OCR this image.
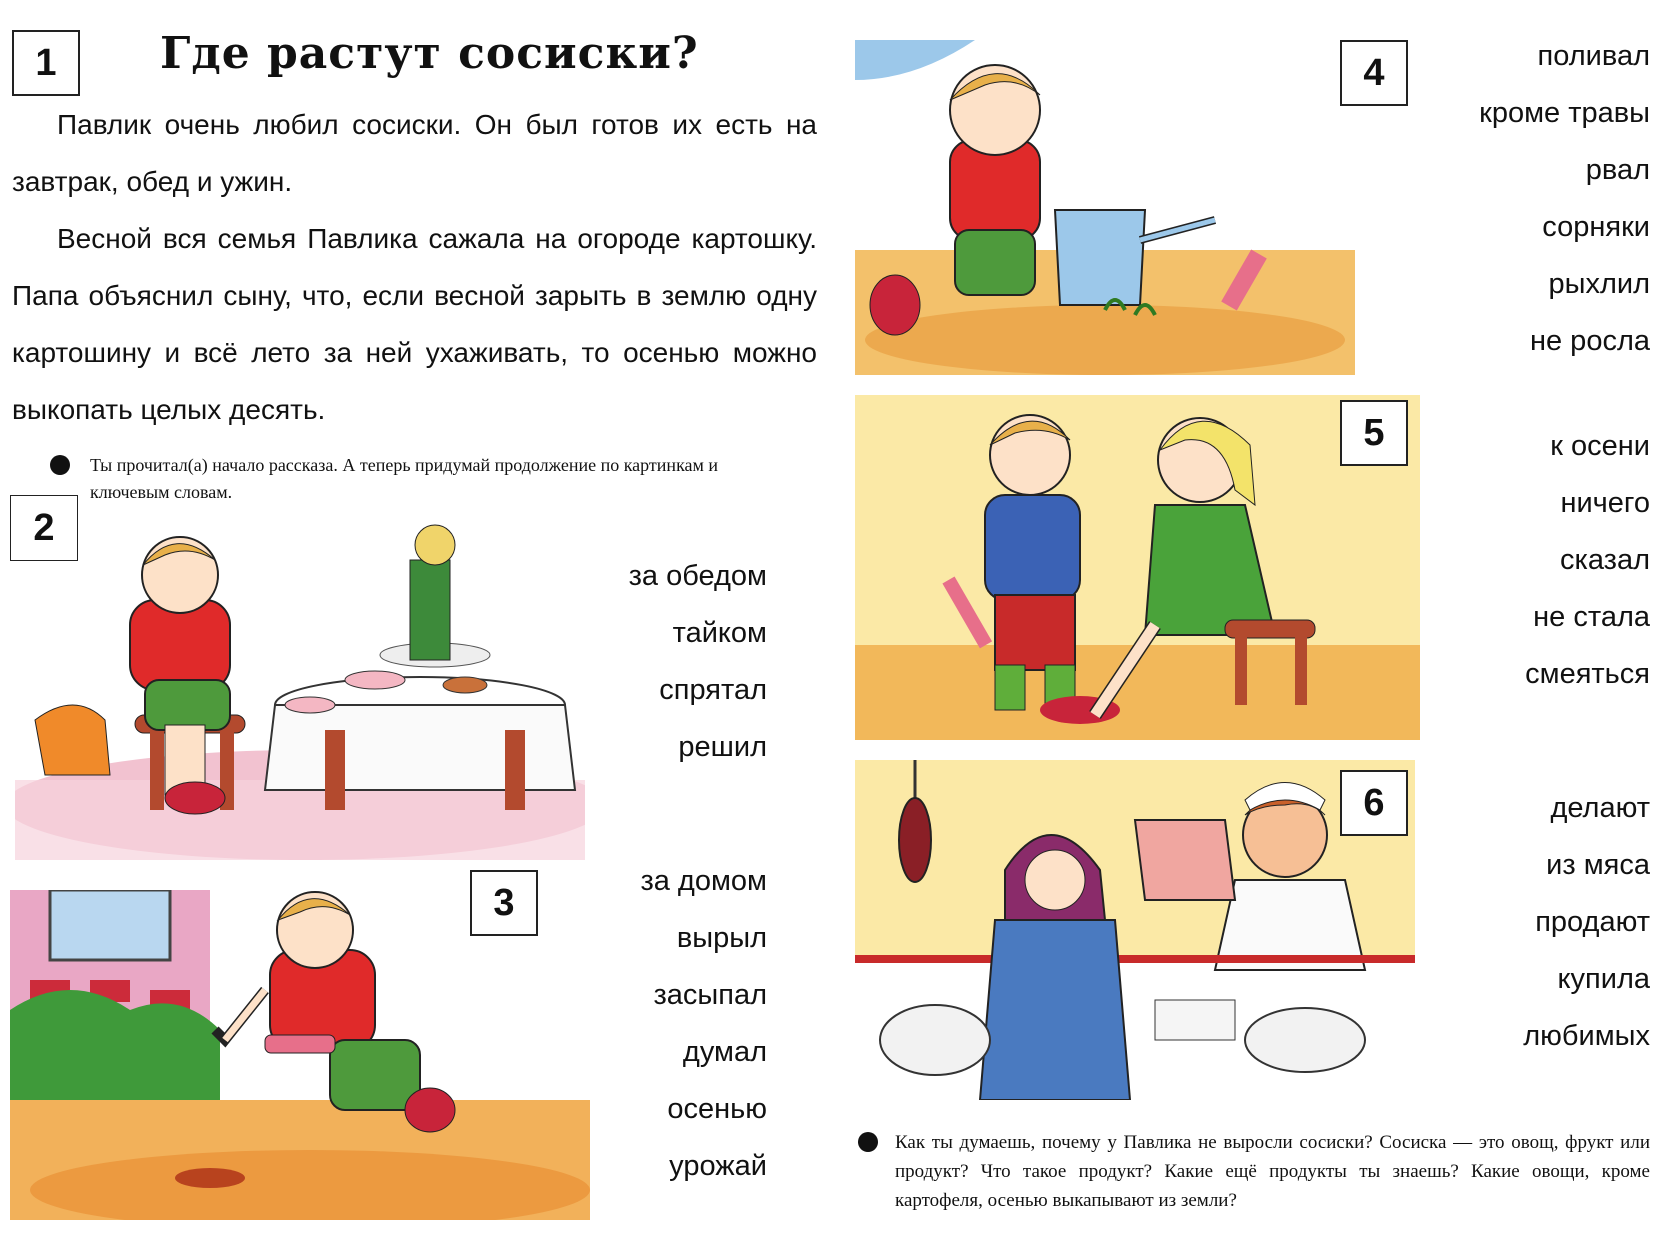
1	Где растут сосиски?

Павлик очень любил сосиски. Он был готов их есть на завтрак, обед и ужин.

Весной вся семья Павлика сажала на огороде картошку. Папа объяснил сыну, что, если весной зарыть в землю одну картошину и всё лето за ней ухаживать, то осенью можно выкопать целых десять.

Ты прочитал(а) начало рассказа. А теперь придумай продолжение по картинкам и ключевым словам.
2
за обедом
тайком
спрятал
решил
3
за домом
вырыл
засыпал
думал
осенью
урожай
4	поливал
кроме травы
рвал
сорняки
рыхлил
не росла
5	к осени
ничего
сказал
не стала
смеяться
6	делают
из мяса
продают
купила
любимых
Как ты думаешь, почему у Павлика не выросли сосиски? Сосиска — это овощ, фрукт или продукт? Что такое продукт? Какие ещё продукты ты знаешь? Какие овощи, кроме картофеля, осенью выкапывают из земли?
